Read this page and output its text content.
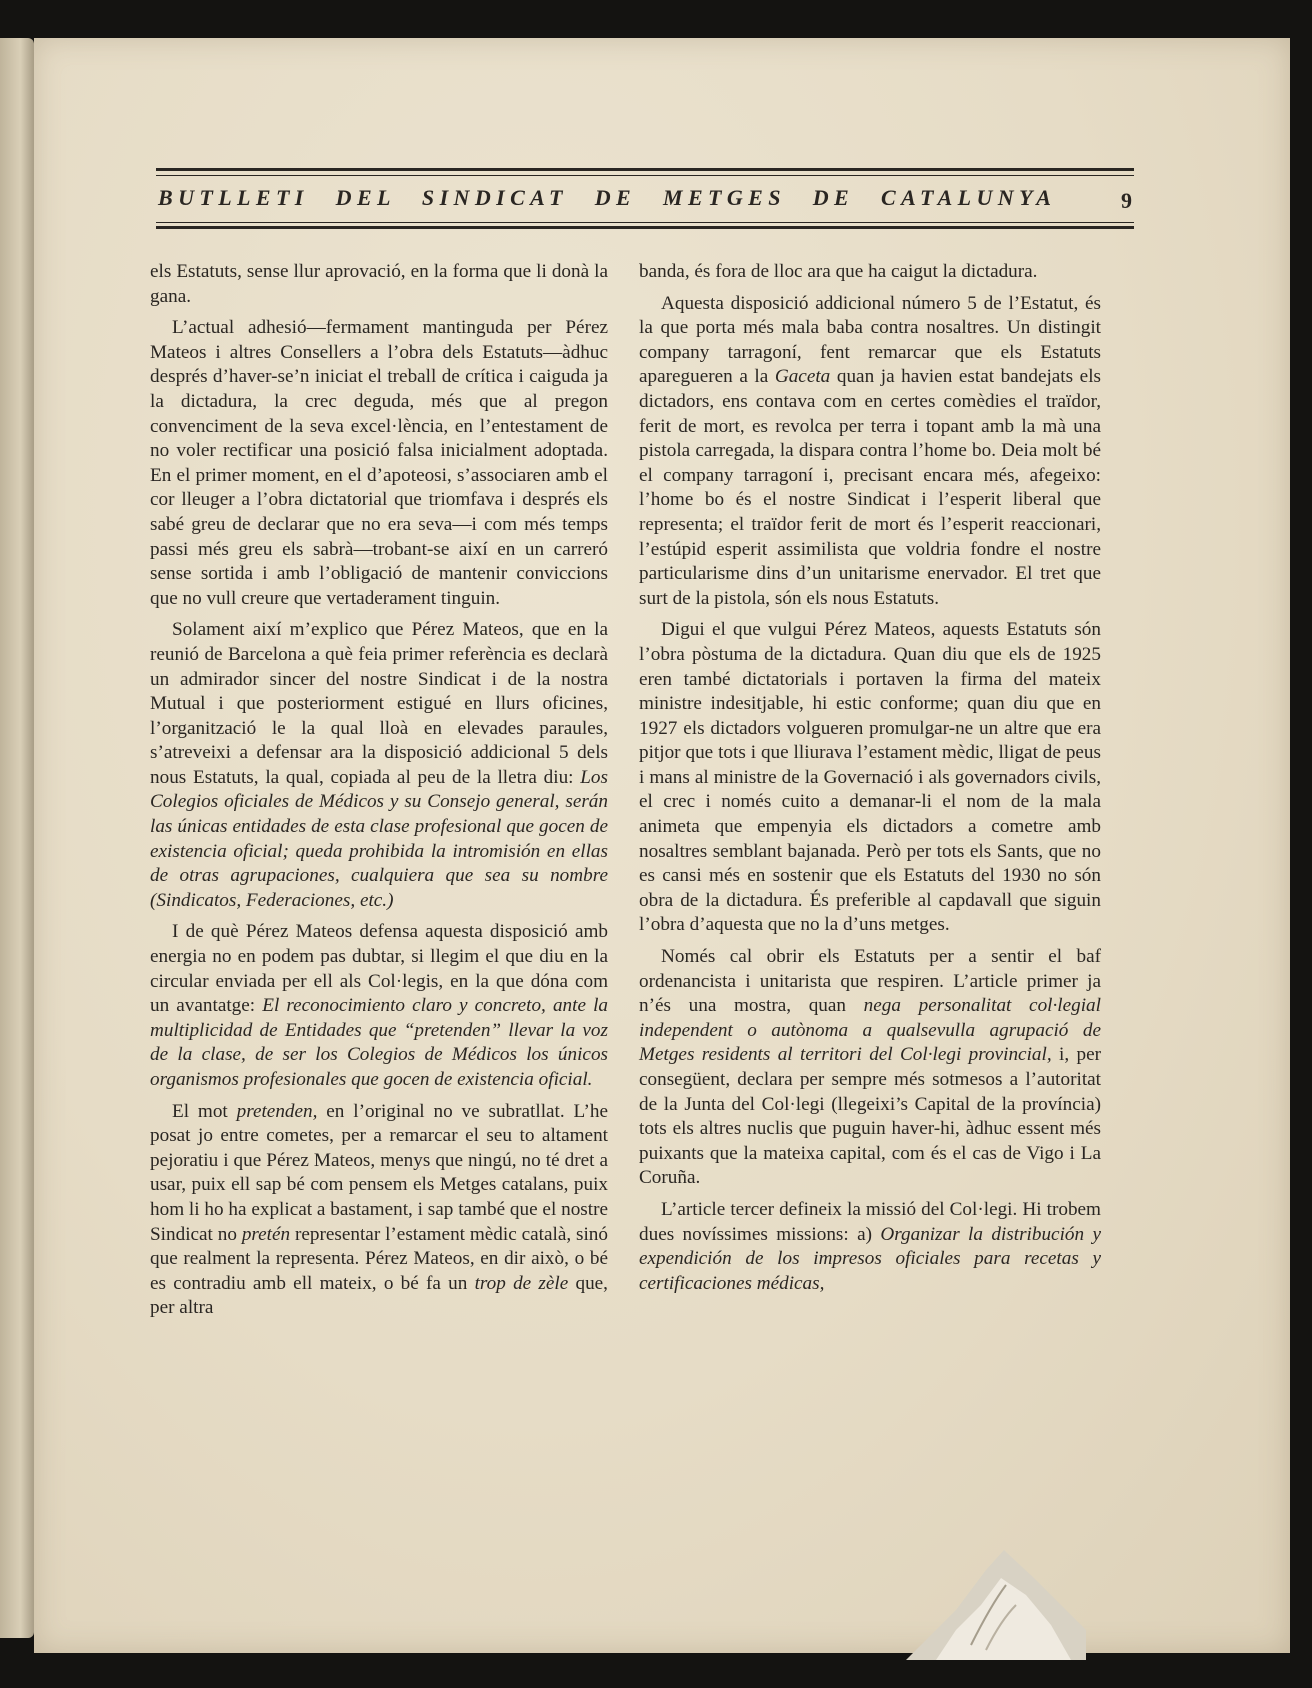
BUTLLETI DEL SINDICAT DE METGES DE CATALUNYA	9

els Estatuts, sense llur aprovació, en la forma que li donà la gana.

L’actual adhesió—fermament mantinguda per Pérez Mateos i altres Consellers a l’obra dels Estatuts—àdhuc després d’haver-se’n iniciat el treball de crítica i caiguda ja la dictadura, la crec deguda, més que al pregon convenciment de la seva excel·lència, en l’entestament de no voler rectificar una posició falsa inicialment adoptada. En el primer moment, en el d’apoteosi, s’associaren amb el cor lleuger a l’obra dictatorial que triomfava i després els sabé greu de declarar que no era seva—i com més temps passi més greu els sabrà—trobant-se així en un carreró sense sortida i amb l’obligació de mantenir conviccions que no vull creure que vertaderament tinguin.

Solament així m’explico que Pérez Mateos, que en la reunió de Barcelona a què feia primer referència es declarà un admirador sincer del nostre Sindicat i de la nostra Mutual i que posteriorment estigué en llurs oficines, l’organització le la qual lloà en elevades paraules, s’atreveixi a defensar ara la disposició addicional 5 dels nous Estatuts, la qual, copiada al peu de la lletra diu: Los Colegios oficiales de Médicos y su Consejo general, serán las únicas entidades de esta clase profesional que gocen de existencia oficial; queda prohibida la intromisión en ellas de otras agrupaciones, cualquiera que sea su nombre (Sindicatos, Federaciones, etc.)

I de què Pérez Mateos defensa aquesta disposició amb energia no en podem pas dubtar, si llegim el que diu en la circular enviada per ell als Col·legis, en la que dóna com un avantatge: El reconocimiento claro y concreto, ante la multiplicidad de Entidades que “pretenden” llevar la voz de la clase, de ser los Colegios de Médicos los únicos organismos profesionales que gocen de existencia oficial.

El mot pretenden, en l’original no ve subratllat. L’he posat jo entre cometes, per a remarcar el seu to altament pejoratiu i que Pérez Mateos, menys que ningú, no té dret a usar, puix ell sap bé com pensem els Metges catalans, puix hom li ho ha explicat a bastament, i sap també que el nostre Sindicat no pretén representar l’estament mèdic català, sinó que realment la representa. Pérez Mateos, en dir això, o bé es contradiu amb ell mateix, o bé fa un trop de zèle que, per altra

banda, és fora de lloc ara que ha caigut la dictadura.

Aquesta disposició addicional número 5 de l’Estatut, és la que porta més mala baba contra nosaltres. Un distingit company tarragoní, fent remarcar que els Estatuts aparegueren a la Gaceta quan ja havien estat bandejats els dictadors, ens contava com en certes comèdies el traïdor, ferit de mort, es revolca per terra i topant amb la mà una pistola carregada, la dispara contra l’home bo. Deia molt bé el company tarragoní i, precisant encara més, afegeixo: l’home bo és el nostre Sindicat i l’esperit liberal que representa; el traïdor ferit de mort és l’esperit reaccionari, l’estúpid esperit assimilista que voldria fondre el nostre particularisme dins d’un unitarisme enervador. El tret que surt de la pistola, són els nous Estatuts.

Digui el que vulgui Pérez Mateos, aquests Estatuts són l’obra pòstuma de la dictadura. Quan diu que els de 1925 eren també dictatorials i portaven la firma del mateix ministre indesitjable, hi estic conforme; quan diu que en 1927 els dictadors volgueren promulgar-ne un altre que era pitjor que tots i que lliurava l’estament mèdic, lligat de peus i mans al ministre de la Governació i als governadors civils, el crec i només cuito a demanar-li el nom de la mala animeta que empenyia els dictadors a cometre amb nosaltres semblant bajanada. Però per tots els Sants, que no es cansi més en sostenir que els Estatuts del 1930 no són obra de la dictadura. És preferible al capdavall que siguin l’obra d’aquesta que no la d’uns metges.

Només cal obrir els Estatuts per a sentir el baf ordenancista i unitarista que respiren. L’article primer ja n’és una mostra, quan nega personalitat col·legial independent o autònoma a qualsevulla agrupació de Metges residents al territori del Col·legi provincial, i, per consegüent, declara per sempre més sotmesos a l’autoritat de la Junta del Col·legi (llegeixi’s Capital de la província) tots els altres nuclis que puguin haver-hi, àdhuc essent més puixants que la mateixa capital, com és el cas de Vigo i La Coruña.

L’article tercer defineix la missió del Col·legi. Hi trobem dues novíssimes missions: a) Organizar la distribución y expendición de los impresos oficiales para recetas y certificaciones médicas,
